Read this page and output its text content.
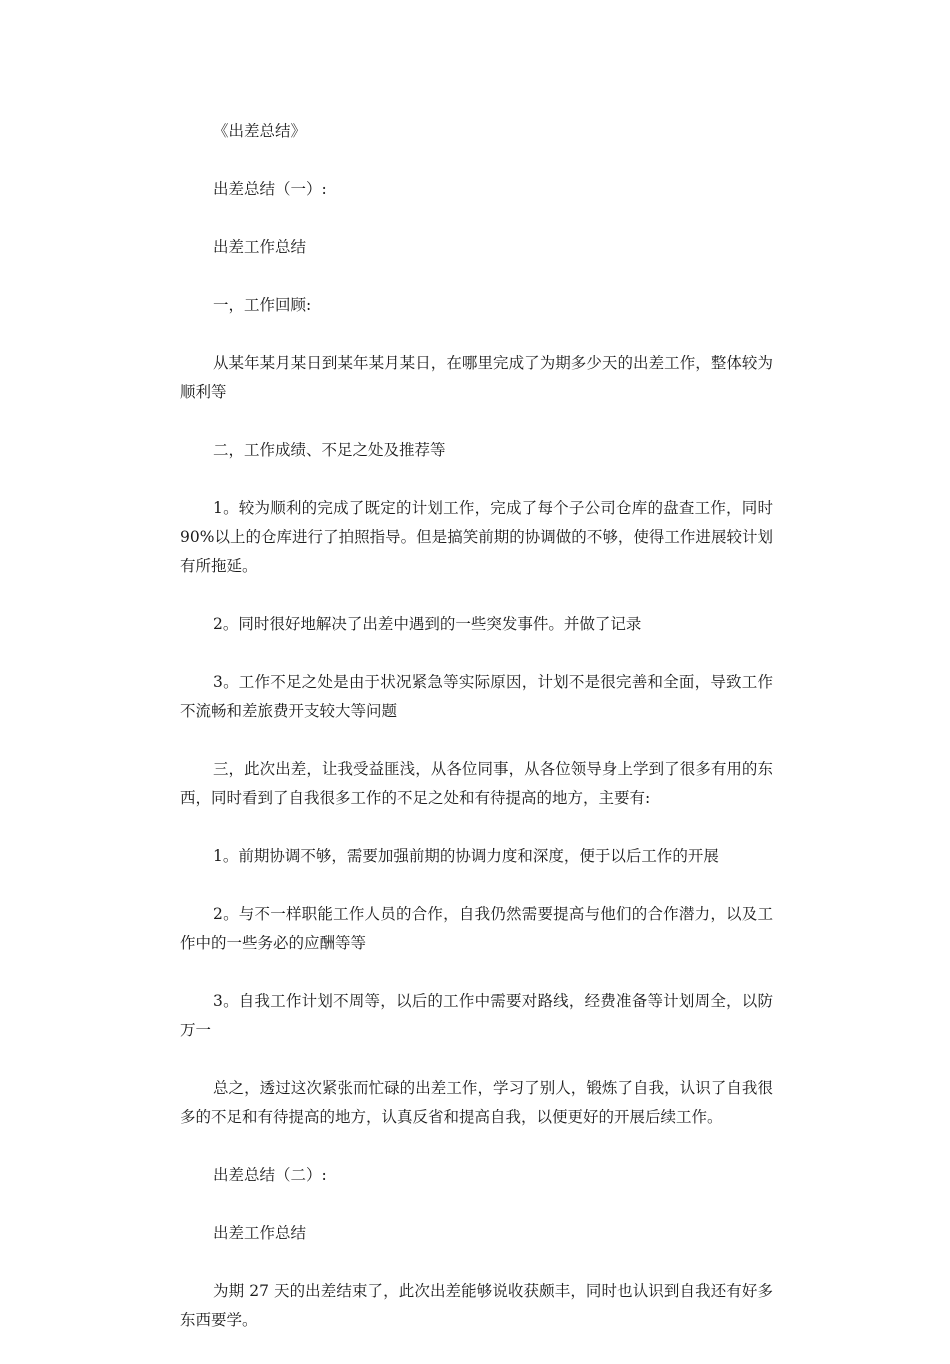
《出差总结》

出差总结（一）:

出差工作总结

一，工作回顾:

从某年某月某日到某年某月某日，在哪里完成了为期多少天的出差工作，整体较为顺利等

二，工作成绩、不足之处及推荐等

1。较为顺利的完成了既定的计划工作，完成了每个子公司仓库的盘查工作，同时 90%以上的仓库进行了拍照指导。但是搞笑前期的协调做的不够，使得工作进展较计划有所拖延。

2。同时很好地解决了出差中遇到的一些突发事件。并做了记录

3。工作不足之处是由于状况紧急等实际原因，计划不是很完善和全面，导致工作不流畅和差旅费开支较大等问题

三，此次出差，让我受益匪浅，从各位同事，从各位领导身上学到了很多有用的东西，同时看到了自我很多工作的不足之处和有待提高的地方，主要有:

1。前期协调不够，需要加强前期的协调力度和深度，便于以后工作的开展

2。与不一样职能工作人员的合作，自我仍然需要提高与他们的合作潜力，以及工作中的一些务必的应酬等等

3。自我工作计划不周等，以后的工作中需要对路线，经费准备等计划周全，以防万一

总之，透过这次紧张而忙碌的出差工作，学习了别人，锻炼了自我，认识了自我很多的不足和有待提高的地方，认真反省和提高自我，以便更好的开展后续工作。

出差总结（二）:

出差工作总结

为期 27 天的出差结束了，此次出差能够说收获颇丰，同时也认识到自我还有好多东西要学。
